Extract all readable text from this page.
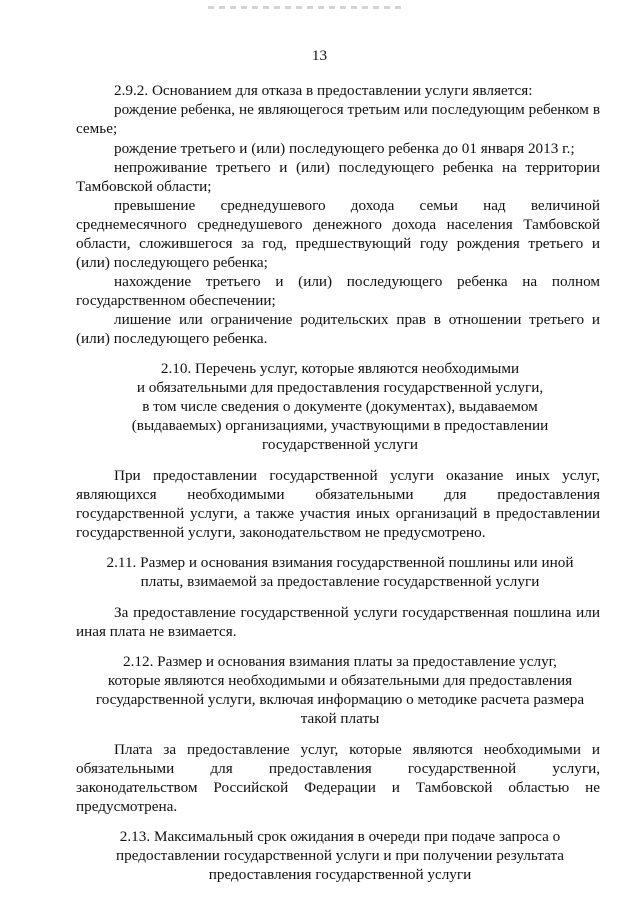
13
2.9.2. Основанием для отказа в предоставлении услуги является:
рождение ребенка, не являющегося третьим или последующим ребенком в
семье;
рождение третьего и (или) последующего ребенка до 01 января 2013 г.;
непроживание третьего и (или) последующего ребенка на территории
Тамбовской области;
превышение среднедушевого дохода семьи над величиной
среднемесячного среднедушевого денежного дохода населения Тамбовской
области, сложившегося за год, предшествующий году рождения третьего и
(или) последующего ребенка;
нахождение третьего и (или) последующего ребенка на полном
государственном обеспечении;
лишение или ограничение родительских прав в отношении третьего и
(или) последующего ребенка.
2.10. Перечень услуг, которые являются необходимыми
и обязательными для предоставления государственной услуги,
в том числе сведения о документе (документах), выдаваемом
(выдаваемых) организациями, участвующими в предоставлении
государственной услуги
При предоставлении государственной услуги оказание иных услуг,
являющихся необходимыми обязательными для предоставления
государственной услуги, а также участия иных организаций в предоставлении
государственной услуги, законодательством не предусмотрено.
2.11. Размер и основания взимания государственной пошлины или иной
платы, взимаемой за предоставление государственной услуги
За предоставление государственной услуги государственная пошлина или
иная плата не взимается.
2.12. Размер и основания взимания платы за предоставление услуг,
которые являются необходимыми и обязательными для предоставления
государственной услуги, включая информацию о методике расчета размера
такой платы
Плата за предоставление услуг, которые являются необходимыми и
обязательными для предоставления государственной услуги,
законодательством Российской Федерации и Тамбовской областью не
предусмотрена.
2.13. Максимальный срок ожидания в очереди при подаче запроса о
предоставлении государственной услуги и при получении результата
предоставления государственной услуги
